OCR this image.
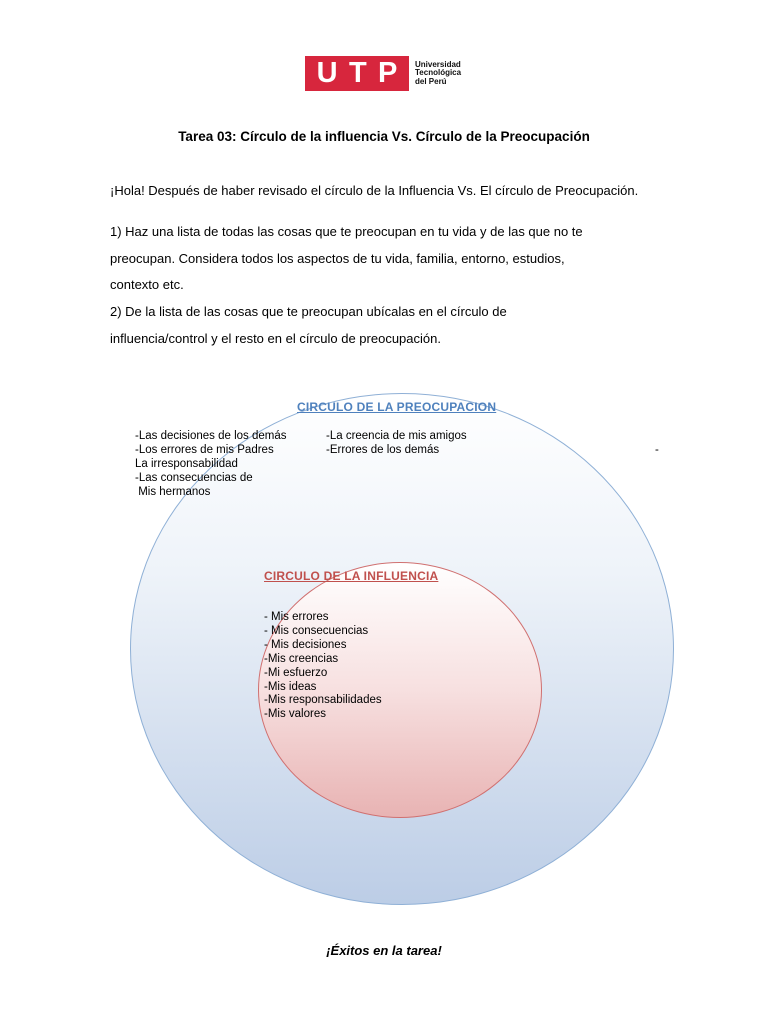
U T P Universidad
Tecnológica
del Perú
Tarea 03: Círculo de la influencia Vs. Círculo de la Preocupación
¡Hola! Después de haber revisado el círculo de la Influencia Vs. El círculo de Preocupación.
1) Haz una lista de todas las cosas que te preocupan en tu vida y de las que no te
preocupan. Considera todos los aspectos de tu vida, familia, entorno, estudios,
contexto etc.
2) De la lista de las cosas que te preocupan ubícalas en el círculo de
influencia/control y el resto en el círculo de preocupación.
CIRCULO DE LA PREOCUPACION
-Las decisiones de los demás
-Los errores de mis Padres
La irresponsabilidad
-Las consecuencias de
Mis hermanos
-La creencia de mis amigos
-Errores de los demás	-
CIRCULO DE LA INFLUENCIA
- Mis errores
- Mis consecuencias
- Mis decisiones
-Mis creencias
-Mi esfuerzo
-Mis ideas
-Mis responsabilidades
-Mis valores
¡Éxitos en la tarea!
